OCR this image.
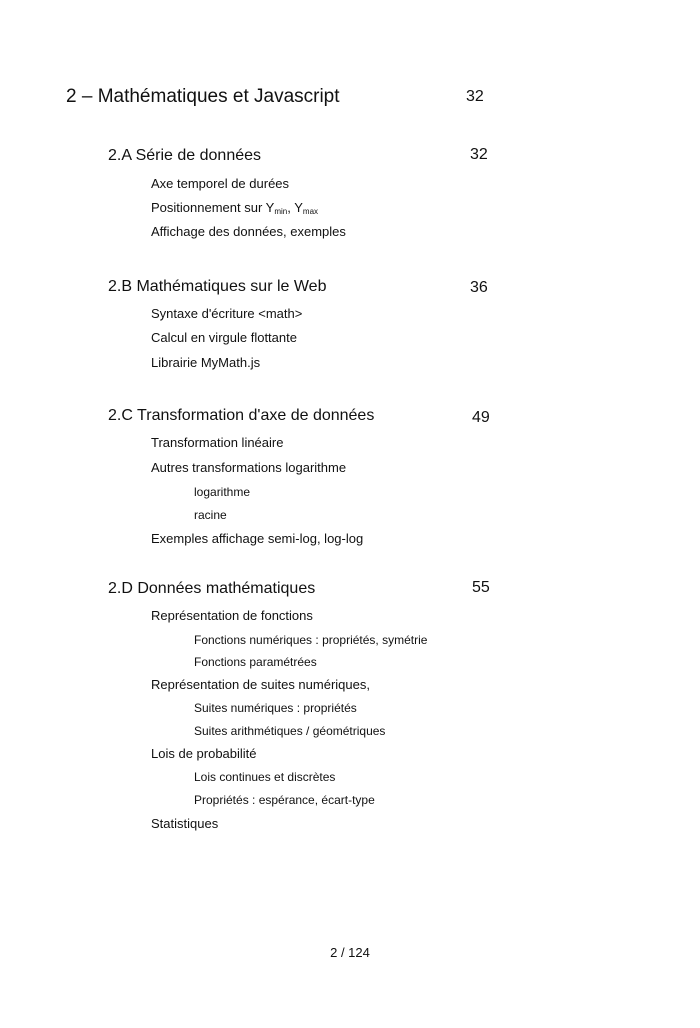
2 – Mathématiques et Javascript	32
2.A Série de données	32
Axe temporel de durées
Positionnement sur $Y_{min}$, $Y_{max}$
Affichage des données, exemples
2.B Mathématiques sur le Web	36
Syntaxe d'écriture <math>
Calcul en virgule flottante
Librairie MyMath.js
2.C Transformation d'axe de données	49
Transformation linéaire
Autres transformations logarithme
logarithme
racine
Exemples affichage semi-log, log-log
2.D Données mathématiques	55
Représentation de fonctions
Fonctions numériques : propriétés, symétrie
Fonctions paramétrées
Représentation de suites numériques,
Suites numériques : propriétés
Suites arithmétiques / géométriques
Lois de probabilité
Lois continues et discrètes
Propriétés : espérance, écart-type
Statistiques
2 / 124
